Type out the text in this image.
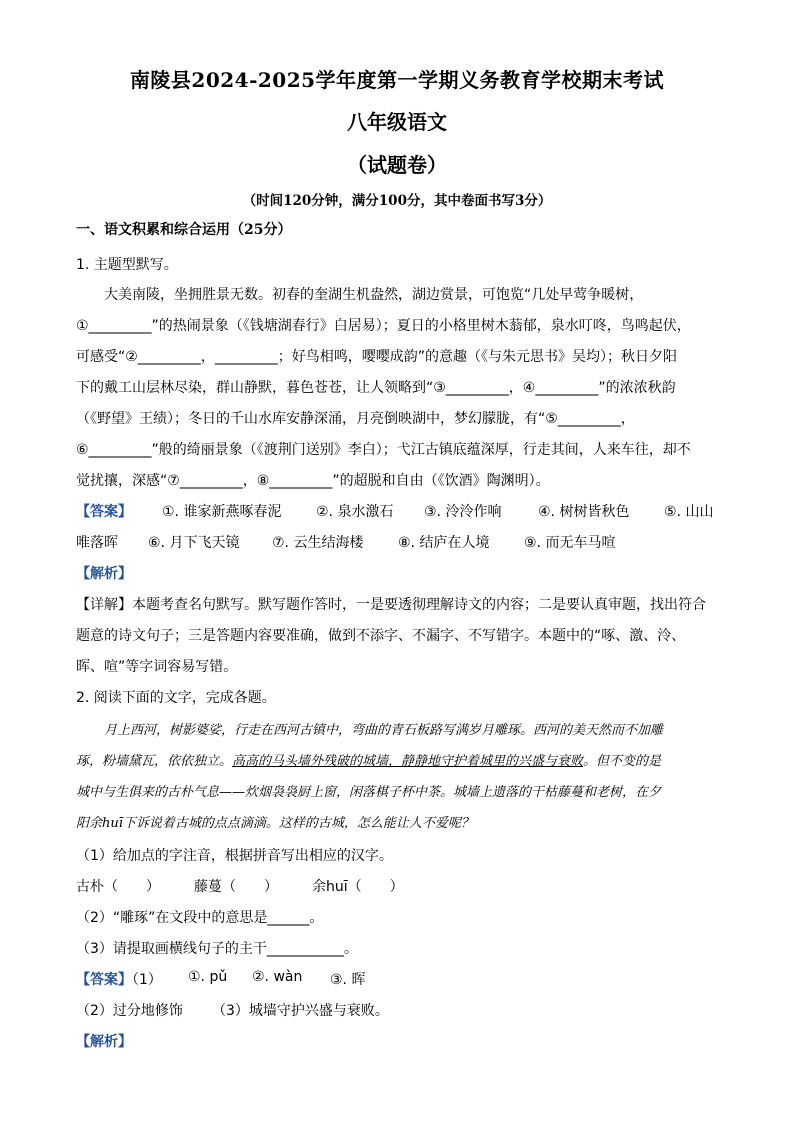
南陵县2024-2025学年度第一学期义务教育学校期末考试
八年级语文
（试题卷）
（时间120分钟，满分100分，其中卷面书写3分）
一、语文积累和综合运用（25分）
1. 主题型默写。
大美南陵，坐拥胜景无数。初春的奎湖生机盎然，湖边赏景，可饱览“几处早莺争暖树，
①_________”的热闹景象（《钱塘湖春行》白居易）；夏日的小格里树木蓊郁，泉水叮咚，鸟鸣起伏，
可感受“②_________，_________；好鸟相鸣，嘤嘤成韵”的意趣（《与朱元思书》吴均）；秋日夕阳
下的戴工山层林尽染，群山静默，暮色苍苍，让人领略到“③_________，④_________”的浓浓秋韵
（《野望》王绩）；冬日的千山水库安静深涌，月亮倒映湖中，梦幻朦胧，有“⑤_________，
⑥_________”般的绮丽景象（《渡荆门送别》李白）；弋江古镇底蕴深厚，行走其间，人来车往，却不
觉扰攘，深感“⑦_________，⑧_________”的超脱和自由（《饮酒》陶渊明）。
【答案】 ①. 谁家新燕啄春泥 ②. 泉水激石 ③. 泠泠作响	④. 树树皆秋色 ⑤. 山山
唯落晖 ⑥. 月下飞天镜 ⑦. 云生结海楼 ⑧. 结庐在人境 ⑨. 而无车马喧
【解析】
【详解】本题考查名句默写。默写题作答时，一是要透彻理解诗文的内容；二是要认真审题，找出符合
题意的诗文句子；三是答题内容要准确，做到不添字、不漏字、不写错字。本题中的“啄、激、泠、
晖、喧”等字词容易写错。
2. 阅读下面的文字，完成各题。
月上西河，树影婆娑，行走在西河古镇中，弯曲的青石板路写满岁月雕琢。西河的美天然而不加雕
琢，粉墙黛瓦，依依独立。高高的马头墙外残破的城墙，静静地守护着城里的兴盛与衰败。但不变的是
城中与生俱来的古朴气息——炊烟袅袅厨上窗，闲落棋子杯中茶。城墙上遗落的干枯藤蔓和老树，在夕
阳余huī下诉说着古城的点点滴滴。这样的古城，怎么能让人不爱呢？
（1）给加点的字注音，根据拼音写出相应的汉字。
古朴（　　） 藤蔓（　　） 余huī（　　）
（2）“雕琢”在文段中的意思是______。
（3）请提取画横线句子的主干___________。
【答案】（1） ①. pǔ ②. wàn ③. 晖
（2）过分地修饰 （3）城墙守护兴盛与衰败。
【解析】
